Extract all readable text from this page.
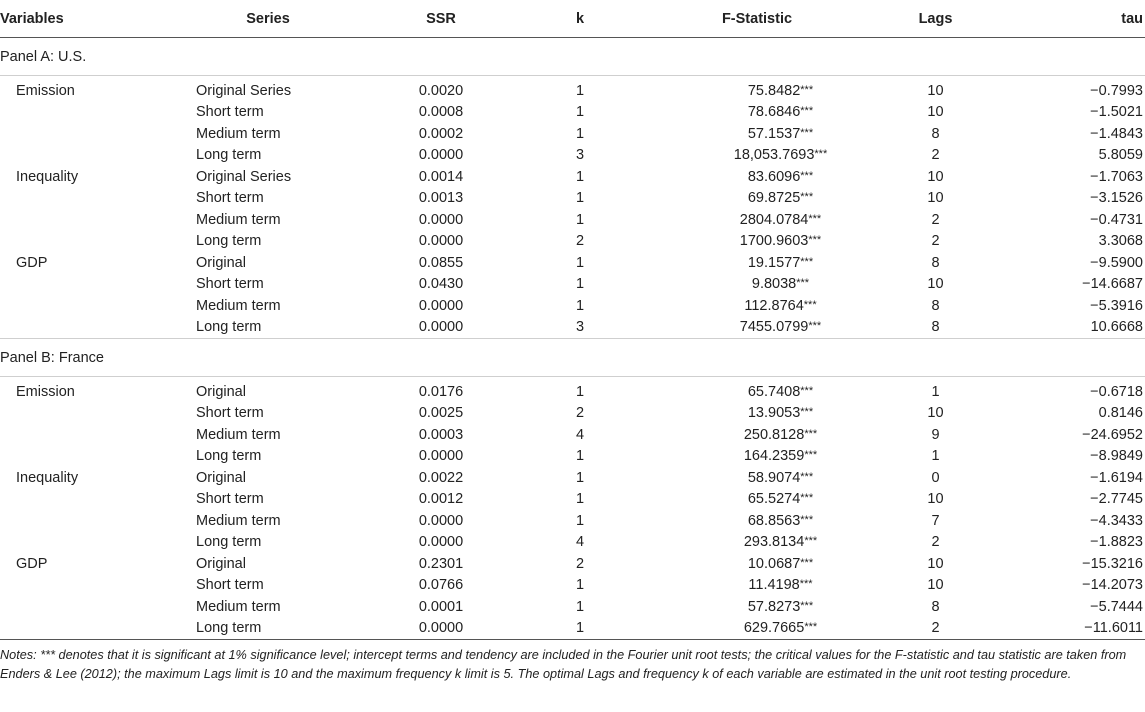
Variables	Series	SSR	k	F-Statistic	Lags	tau
Panel A: U.S.						
Emission	Original Series	0.0020	1	75.8482***	10	−0.7993
	Short term	0.0008	1	78.6846***	10	−1.5021
	Medium term	0.0002	1	57.1537***	8	−1.4843
	Long term	0.0000	3	18,053.7693***	2	5.8059
Inequality	Original Series	0.0014	1	83.6096***	10	−1.7063
	Short term	0.0013	1	69.8725***	10	−3.1526
	Medium term	0.0000	1	2804.0784***	2	−0.4731
	Long term	0.0000	2	1700.9603***	2	3.3068
GDP	Original	0.0855	1	19.1577***	8	−9.5900
	Short term	0.0430	1	9.8038***	10	−14.6687
	Medium term	0.0000	1	112.8764***	8	−5.3916
	Long term	0.0000	3	7455.0799***	8	10.6668
Panel B: France						
Emission	Original	0.0176	1	65.7408***	1	−0.6718
	Short term	0.0025	2	13.9053***	10	0.8146
	Medium term	0.0003	4	250.8128***	9	−24.6952
	Long term	0.0000	1	164.2359***	1	−8.9849
Inequality	Original	0.0022	1	58.9074***	0	−1.6194
	Short term	0.0012	1	65.5274***	10	−2.7745
	Medium term	0.0000	1	68.8563***	7	−4.3433
	Long term	0.0000	4	293.8134***	2	−1.8823
GDP	Original	0.2301	2	10.0687***	10	−15.3216
	Short term	0.0766	1	11.4198***	10	−14.2073
	Medium term	0.0001	1	57.8273***	8	−5.7444
	Long term	0.0000	1	629.7665***	2	−11.6011
Notes: *** denotes that it is significant at 1% significance level; intercept terms and tendency are included in the Fourier unit root tests; the critical values for the F-statistic and tau statistic are taken from Enders & Lee (2012); the maximum Lags limit is 10 and the maximum frequency k limit is 5. The optimal Lags and frequency k of each variable are estimated in the unit root testing procedure.
